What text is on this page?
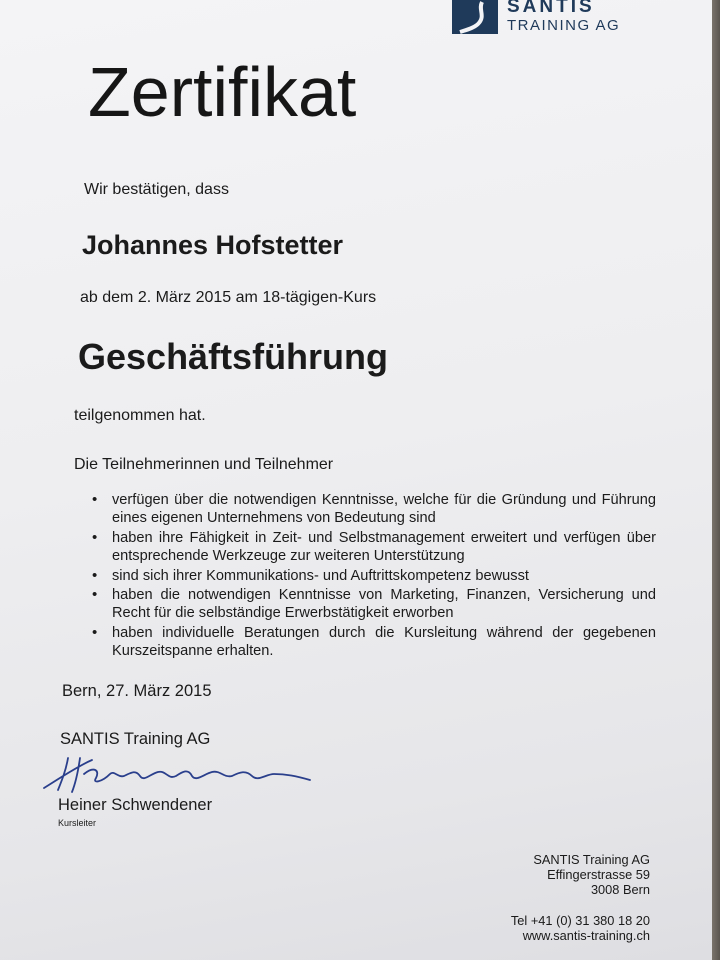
SANTIS
TRAINING AG
Zertifikat
Wir bestätigen, dass
Johannes Hofstetter
ab dem 2. März 2015 am 18-tägigen-Kurs
Geschäftsführung
teilgenommen hat.
Die Teilnehmerinnen und Teilnehmer
• verfügen über die notwendigen Kenntnisse, welche für die Gründung und Führung eines eigenen Unternehmens von Bedeutung sind
• haben ihre Fähigkeit in Zeit- und Selbstmanagement erweitert und verfügen über entsprechende Werkzeuge zur weiteren Unterstützung
• sind sich ihrer Kommunikations- und Auftrittskompetenz bewusst
• haben die notwendigen Kenntnisse von Marketing, Finanzen, Versicherung und Recht für die selbständige Erwerbstätigkeit erworben
• haben individuelle Beratungen durch die Kursleitung während der gegebenen Kurszeitspanne erhalten.
Bern, 27. März 2015
SANTIS Training AG
Heiner Schwendener
Kursleiter
SANTIS Training AG
Effingerstrasse 59
3008 Bern
Tel +41 (0) 31 380 18 20
www.santis-training.ch
